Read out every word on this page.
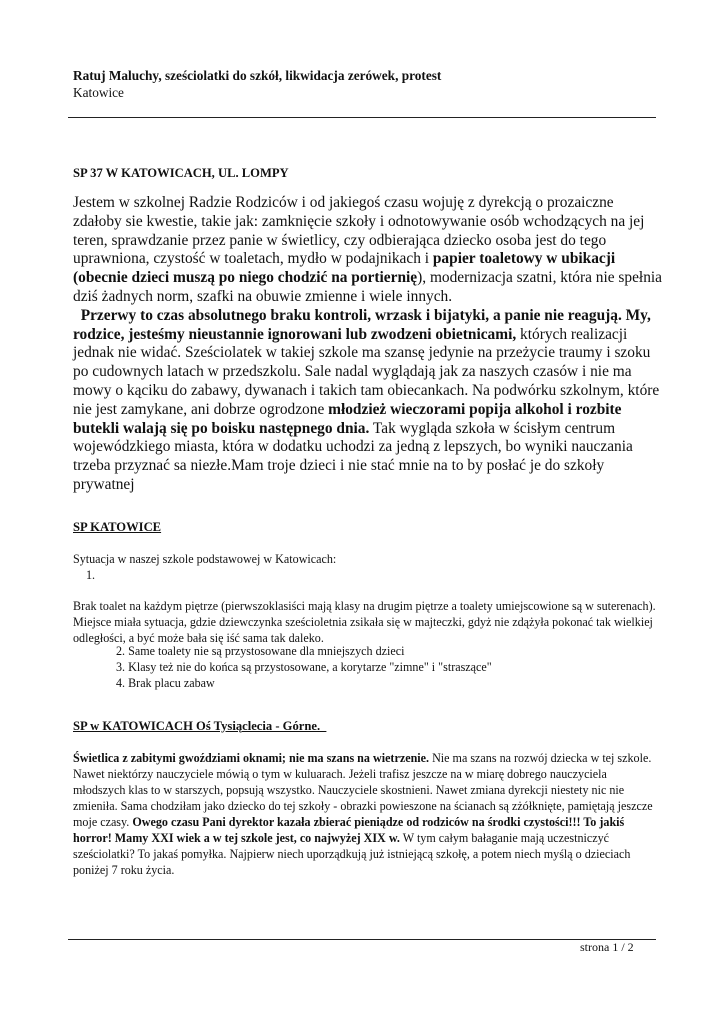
Ratuj Maluchy, sześciolatki do szkół, likwidacja zerówek, protest
Katowice
SP 37 W KATOWICACH, UL. LOMPY
Jestem w szkolnej Radzie Rodziców i od jakiegoś czasu wojuję z dyrekcją o prozaiczne zdałoby sie kwestie, takie jak: zamknięcie szkoły i odnotowywanie osób wchodzących na jej teren, sprawdzanie przez panie w świetlicy, czy odbierająca dziecko osoba jest do tego uprawniona, czystość w toaletach, mydło w podajnikach i papier toaletowy w ubikacji (obecnie dzieci muszą po niego chodzić na portiernię), modernizacja szatni, która nie spełnia dziś żadnych norm, szafki na obuwie zmienne i wiele innych.
Przerwy to czas absolutnego braku kontroli, wrzask i bijatyki, a panie nie reagują. My, rodzice, jesteśmy nieustannie ignorowani lub zwodzeni obietnicami, których realizacji jednak nie widać. Sześciolatek w takiej szkole ma szansę jedynie na przeżycie traumy i szoku po cudownych latach w przedszkolu. Sale nadal wyglądają jak za naszych czasów i nie ma mowy o kąciku do zabawy, dywanach i takich tam obiecankach. Na podwórku szkolnym, które nie jest zamykane, ani dobrze ogrodzone młodzież wieczorami popija alkohol i rozbite butekli walają się po boisku następnego dnia. Tak wygląda szkoła w ścisłym centrum wojewódzkiego miasta, która w dodatku uchodzi za jedną z lepszych, bo wyniki nauczania trzeba przyznać sa niezłe.Mam troje dzieci i nie stać mnie na to by posłać je do szkoły prywatnej
SP KATOWICE
Sytuacja w naszej szkole podstawowej w Katowicach:
1.
Brak toalet na każdym piętrze (pierwszoklasiści mają klasy na drugim piętrze a toalety umiejscowione są w suterenach). Miejsce miała sytuacja, gdzie dziewczynka sześcioletnia zsikała się w majteczki, gdyż nie zdążyła pokonać tak wielkiej odległości, a być może bała się iść sama tak daleko.
2. Same toalety nie są przystosowane dla mniejszych dzieci
3. Klasy też nie do końca są przystosowane, a korytarze "zimne" i "straszące"
4. Brak placu zabaw
SP w KATOWICACH Oś Tysiąclecia - Górne.
Świetlica z zabitymi gwoździami oknami; nie ma szans na wietrzenie. Nie ma szans na rozwój dziecka w tej szkole. Nawet niektórzy nauczyciele mówią o tym w kuluarach. Jeżeli trafisz jeszcze na w miarę dobrego nauczyciela młodszych klas to w starszych, popsują wszystko. Nauczyciele skostnieni. Nawet zmiana dyrekcji niestety nic nie zmieniła. Sama chodziłam jako dziecko do tej szkoły - obrazki powieszone na ścianach są zżółknięte, pamiętają jeszcze moje czasy. Owego czasu Pani dyrektor kazała zbierać pieniądze od rodziców na środki czystości!!! To jakiś horror! Mamy XXI wiek a w tej szkole jest, co najwyżej XIX w. W tym całym bałaganie mają uczestniczyć sześciolatki? To jakaś pomyłka. Najpierw niech uporządkują już istniejącą szkołę, a potem niech myślą o dzieciach poniżej 7 roku życia.
strona 1 / 2
